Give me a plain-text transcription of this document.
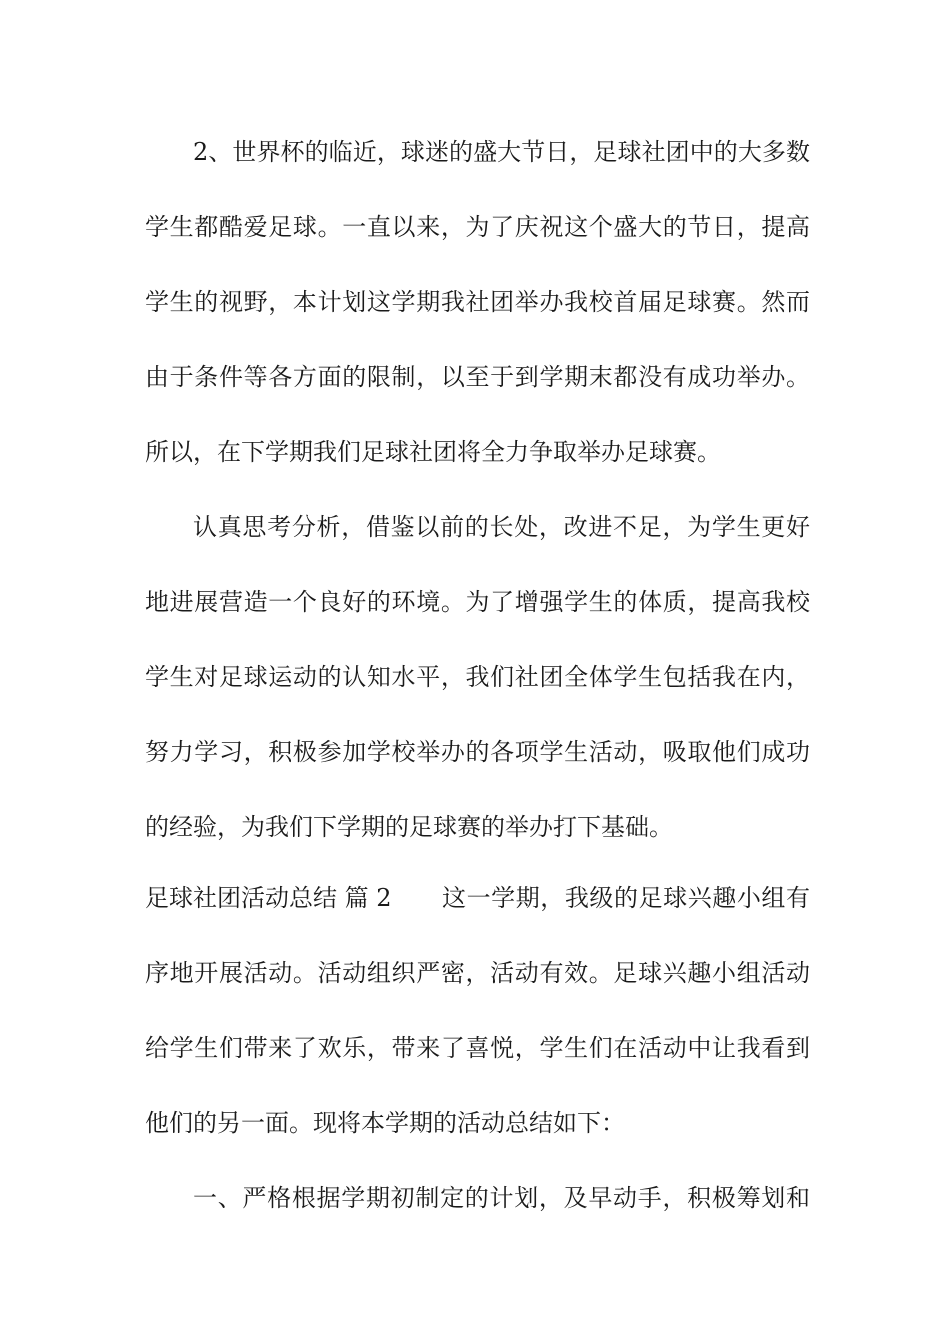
2、世界杯的临近，球迷的盛大节日，足球社团中的大多数
学生都酷爱足球。一直以来，为了庆祝这个盛大的节日，提高
学生的视野，本计划这学期我社团举办我校首届足球赛。然而
由于条件等各方面的限制，以至于到学期末都没有成功举办。
所以，在下学期我们足球社团将全力争取举办足球赛。
认真思考分析，借鉴以前的长处，改进不足，为学生更好
地进展营造一个良好的环境。为了增强学生的体质，提高我校
学生对足球运动的认知水平，我们社团全体学生包括我在内，
努力学习，积极参加学校举办的各项学生活动，吸取他们成功
的经验，为我们下学期的足球赛的举办打下基础。
足球社团活动总结 篇 2 这一学期，我级的足球兴趣小组有
序地开展活动。活动组织严密，活动有效。足球兴趣小组活动
给学生们带来了欢乐，带来了喜悦，学生们在活动中让我看到
他们的另一面。现将本学期的活动总结如下：
一、严格根据学期初制定的计划，及早动手，积极筹划和
